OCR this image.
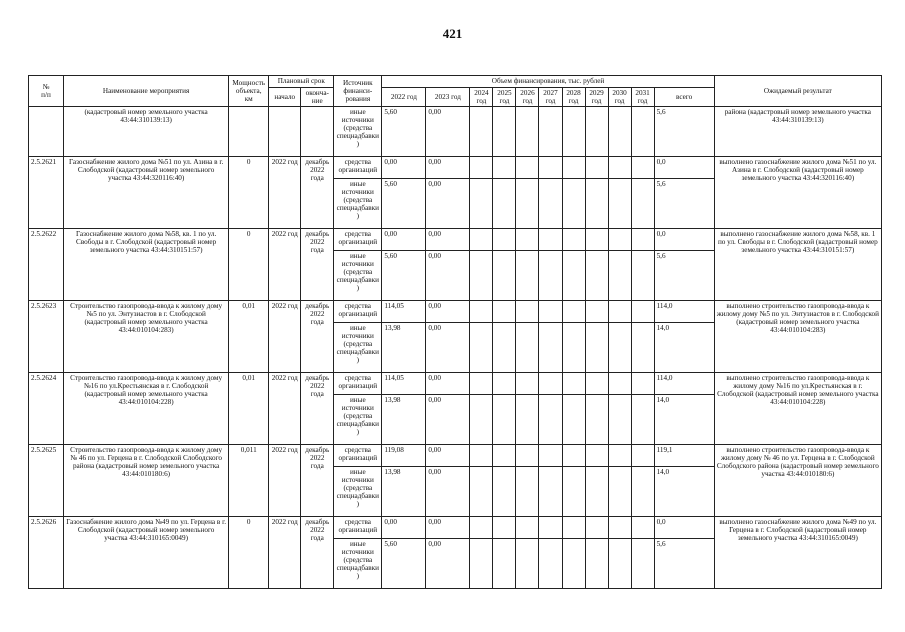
421
№
п/п	Наименование мероприятия	Мощность объекта, км	Плановый срок		Источник финанси-рования	Объем финансирования, тыс. рублей											Ожидаемый результат
			начало	оконча-ние		2022 год	2023 год	2024 год	2025 год	2026 год	2027 год	2028 год	2029 год	2030 год	2031 год	всего	
	(кадастровый номер земельного участка 43:44:310139:13)				иные источники (средства спецнадбавки)	5,60	0,00									5,6	района (кадастровый номер земельного участка 43:44:310139:13)
2.5.2621	Газоснабжение жилого дома №51 по ул. Азина в г. Слободской (кадастровый номер земельного участка 43:44:320116:40)	0	2022 год	декабрь 2022 года	средства организаций	0,00	0,00									0,0	выполнено газоснабжение жилого дома №51 по ул. Азина в г. Слободской (кадастровый номер земельного участка 43:44:320116:40)
					иные источники (средства спецнадбавки)	5,60	0,00									5,6	
2.5.2622	Газоснабжение жилого дома №58, кв. 1 по ул. Свободы в г. Слободской (кадастровый номер земельного участка 43:44:310151:57)	0	2022 год	декабрь 2022 года	средства организаций	0,00	0,00									0,0	выполнено газоснабжение жилого дома №58, кв. 1 по ул. Свободы в г. Слободской (кадастровый номер земельного участка 43:44:310151:57)
					иные источники (средства спецнадбавки)	5,60	0,00									5,6	
2.5.2623	Строительство газопровода-ввода к жилому дому №5 по ул. Энтузиастов в г. Слободской (кадастровый номер земельного участка 43:44:010104:283)	0,01	2022 год	декабрь 2022 года	средства организаций	114,05	0,00									114,0	выполнено строительство газопровода-ввода к жилому дому №5 по ул. Энтузиастов в г. Слободской (кадастровый номер земельного участка 43:44:010104:283)
					иные источники (средства спецнадбавки)	13,98	0,00									14,0	
2.5.2624	Строительство газопровода-ввода к жилому дому №16 по ул.Крестьянская в г. Слободской (кадастровый номер земельного участка 43:44:010104:228)	0,01	2022 год	декабрь 2022 года	средства организаций	114,05	0,00									114,0	выполнено строительство газопровода-ввода к жилому дому №16 по ул.Крестьянская в г. Слободской (кадастровый номер земельного участка 43:44:010104:228)
					иные источники (средства спецнадбавки)	13,98	0,00									14,0	
2.5.2625	Строительство газопровода-ввода к жилому дому № 46 по ул. Герцена в г. Слободской Слободского района (кадастровый номер земельного участка 43:44:010180:6)	0,011	2022 год	декабрь 2022 года	средства организаций	119,08	0,00									119,1	выполнено строительство газопровода-ввода к жилому дому № 46 по ул. Герцена в г. Слободской Слободского района (кадастровый номер земельного участка 43:44:010180:6)
					иные источники (средства спецнадбавки)	13,98	0,00									14,0	
2.5.2626	Газоснабжение жилого дома №49 по ул. Герцена в г. Слободской (кадастровый номер земельного участка 43:44:310165:0049)	0	2022 год	декабрь 2022 года	средства организаций	0,00	0,00									0,0	выполнено газоснабжение жилого дома №49 по ул. Герцена в г. Слободской (кадастровый номер земельного участка 43:44:310165:0049)
					иные источники (средства спецнадбавки)	5,60	0,00									5,6	
